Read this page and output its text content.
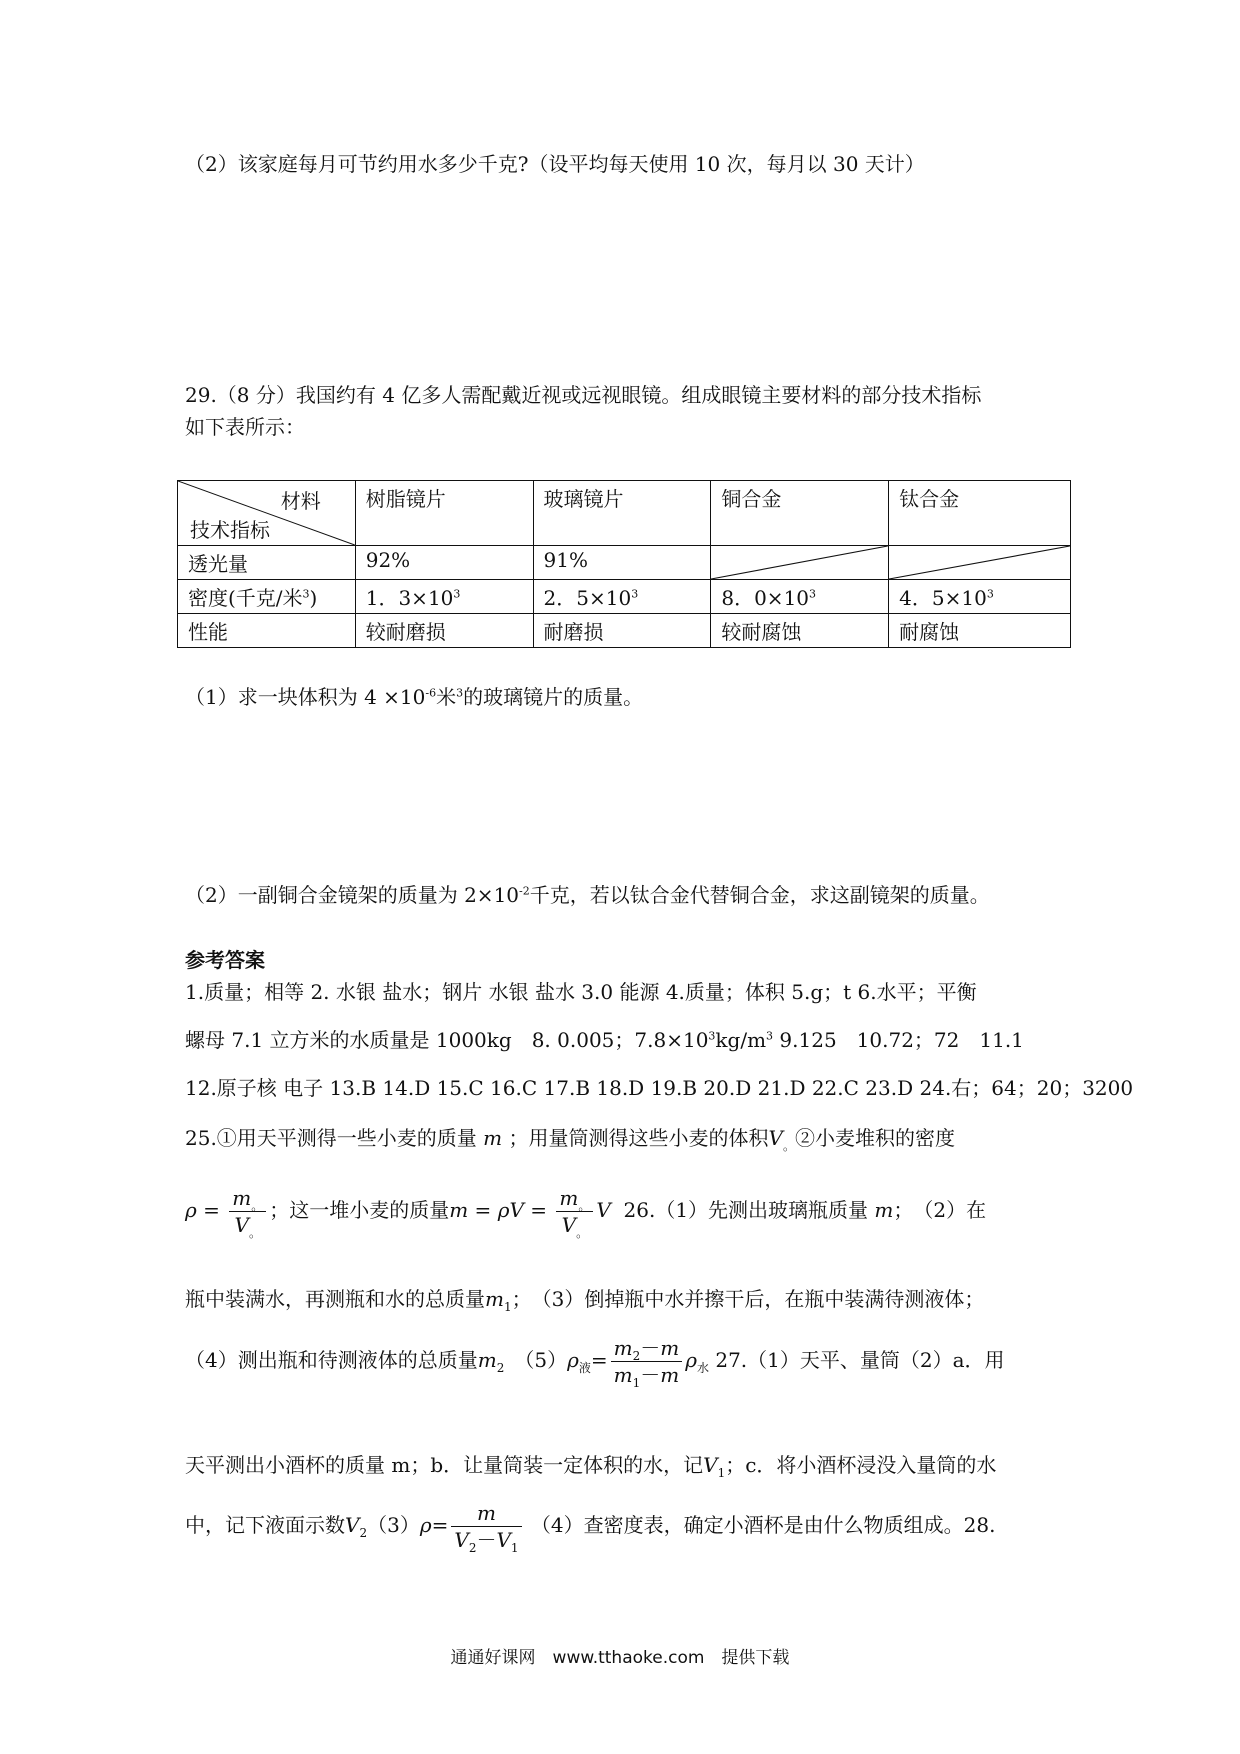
（2）该家庭每月可节约用水多少千克?（设平均每天使用 10 次，每月以 30 天计）
29.（8 分）我国约有 4 亿多人需配戴近视或远视眼镜。组成眼镜主要材料的部分技术指标
如下表所示：
材料
技术指标	树脂镜片	玻璃镜片	铜合金	钛合金
透光量	92%	91%	

密度(千克/米$^3$)	1．$3\times 10^3$	2．$5\times 10^3$	8．$0\times 10^3$	4．$5\times 10^3$
性能	较耐磨损	耐磨损	较耐腐蚀	耐腐蚀
（1）求一块体积为 $4 \times 10^{-6}$米$^3$的玻璃镜片的质量。
（2）一副铜合金镜架的质量为 $2\times 10^{-2}$千克，若以钛合金代替铜合金，求这副镜架的质量。
参考答案
1.质量；相等 2. 水银 盐水；钢片 水银 盐水 3.0 能源 4.质量；体积 5.g；t 6.水平；平衡
螺母 7.1 立方米的水质量是 1000kg　8. 0.005；$7.8\times 10^3kg/m^3$ 9.125　10.72；72　11.1
12.原子核 电子 13.B 14.D 15.C 16.C 17.B 18.D 19.B 20.D 21.D 22.C 23.D 24.右；64；20；3200
25.①用天平测得一些小麦的质量 m ；用量筒测得这些小麦的体积$V_。②$小麦堆积的密度
$\rho = \frac{m_。}{V_。}$ ；这一堆小麦的质量$m = \rho V = \frac{m_。}{V_。}$ V 26.（1）先测出玻璃瓶质量 m；　（2）在
瓶中装满水，再测瓶和水的总质量$m_1$；　（3）倒掉瓶中水并擦干后，在瓶中装满待测液体；
（4）测出瓶和待测液体的总质量$m_2$　 $(5)\rho_液= \frac{m_2-m}{m_1-m} \rho_水$ 27.（1）天平、量筒（2）a．用
天平测出小酒杯的质量 m；b．让量筒装一定体积的水，记$V_1$；c．将小酒杯浸没入量筒的水
中，记下液面示数$V_2(3)\rho= \frac{m}{V_2-V_1} (4)$查密度表，确定小酒杯是由什么物质组成。28.
通通好课网　www.tthaoke.com　提供下载
